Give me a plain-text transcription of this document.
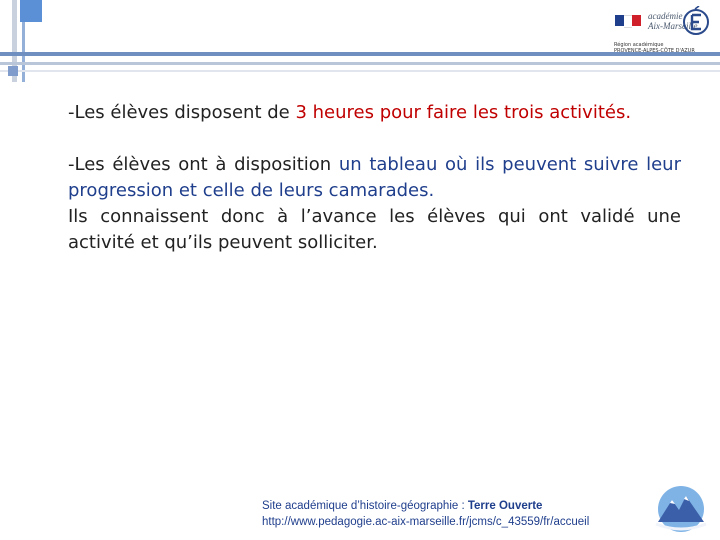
académie
Aix-Marseille
Région académique
PROVENCE-ALPES-CÔTE D'AZUR

-Les élèves disposent de 3 heures pour faire les trois activités.

-Les élèves ont à disposition un tableau où ils peuvent suivre leur progression et celle de leurs camarades.

Ils connaissent donc à l’avance les élèves qui ont validé une activité et qu’ils peuvent solliciter.

Site académique d’histoire-géographie : Terre Ouverte
http://www.pedagogie.ac-aix-marseille.fr/jcms/c_43559/fr/accueil
